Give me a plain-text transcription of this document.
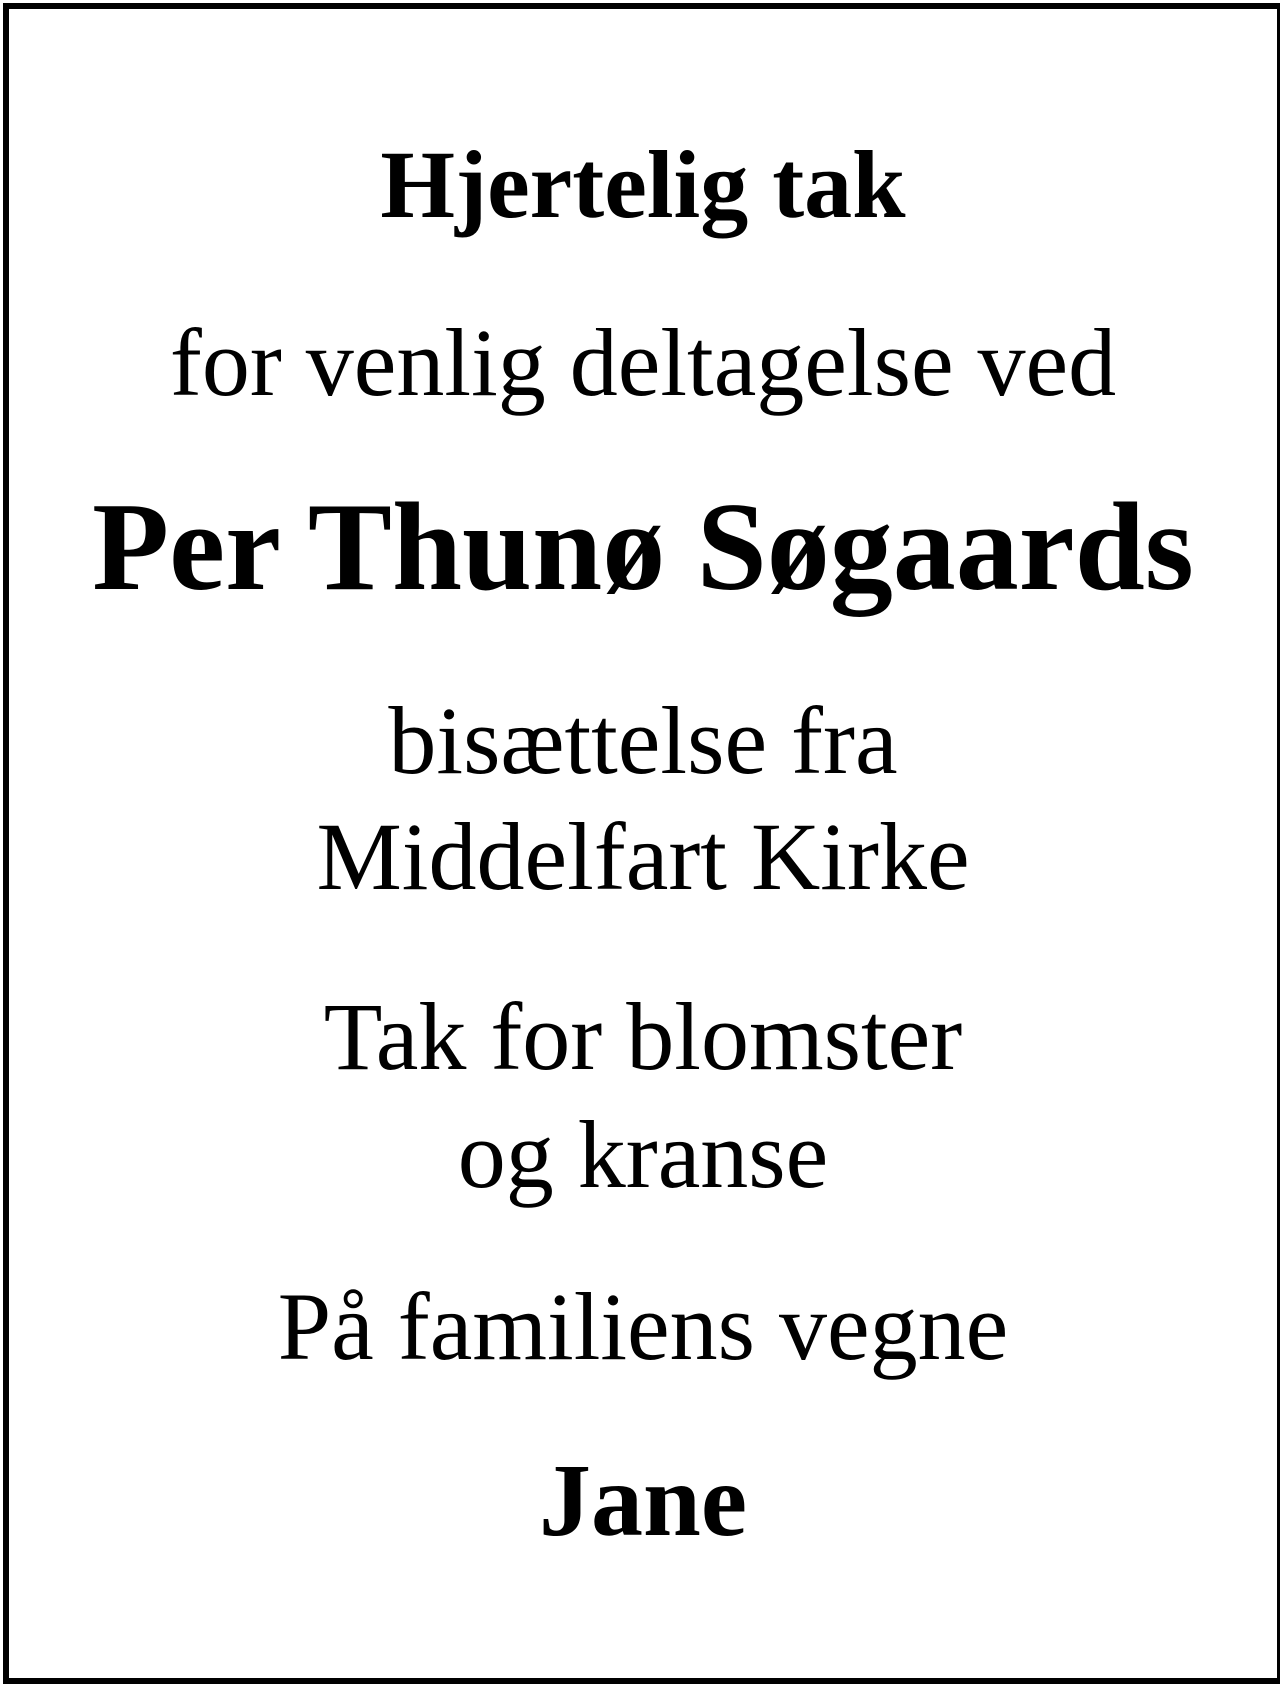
Hjertelig tak
for venlig deltagelse ved
Per Thunø Søgaards
bisættelse fra
Middelfart Kirke
Tak for blomster
og kranse
På familiens vegne
Jane
